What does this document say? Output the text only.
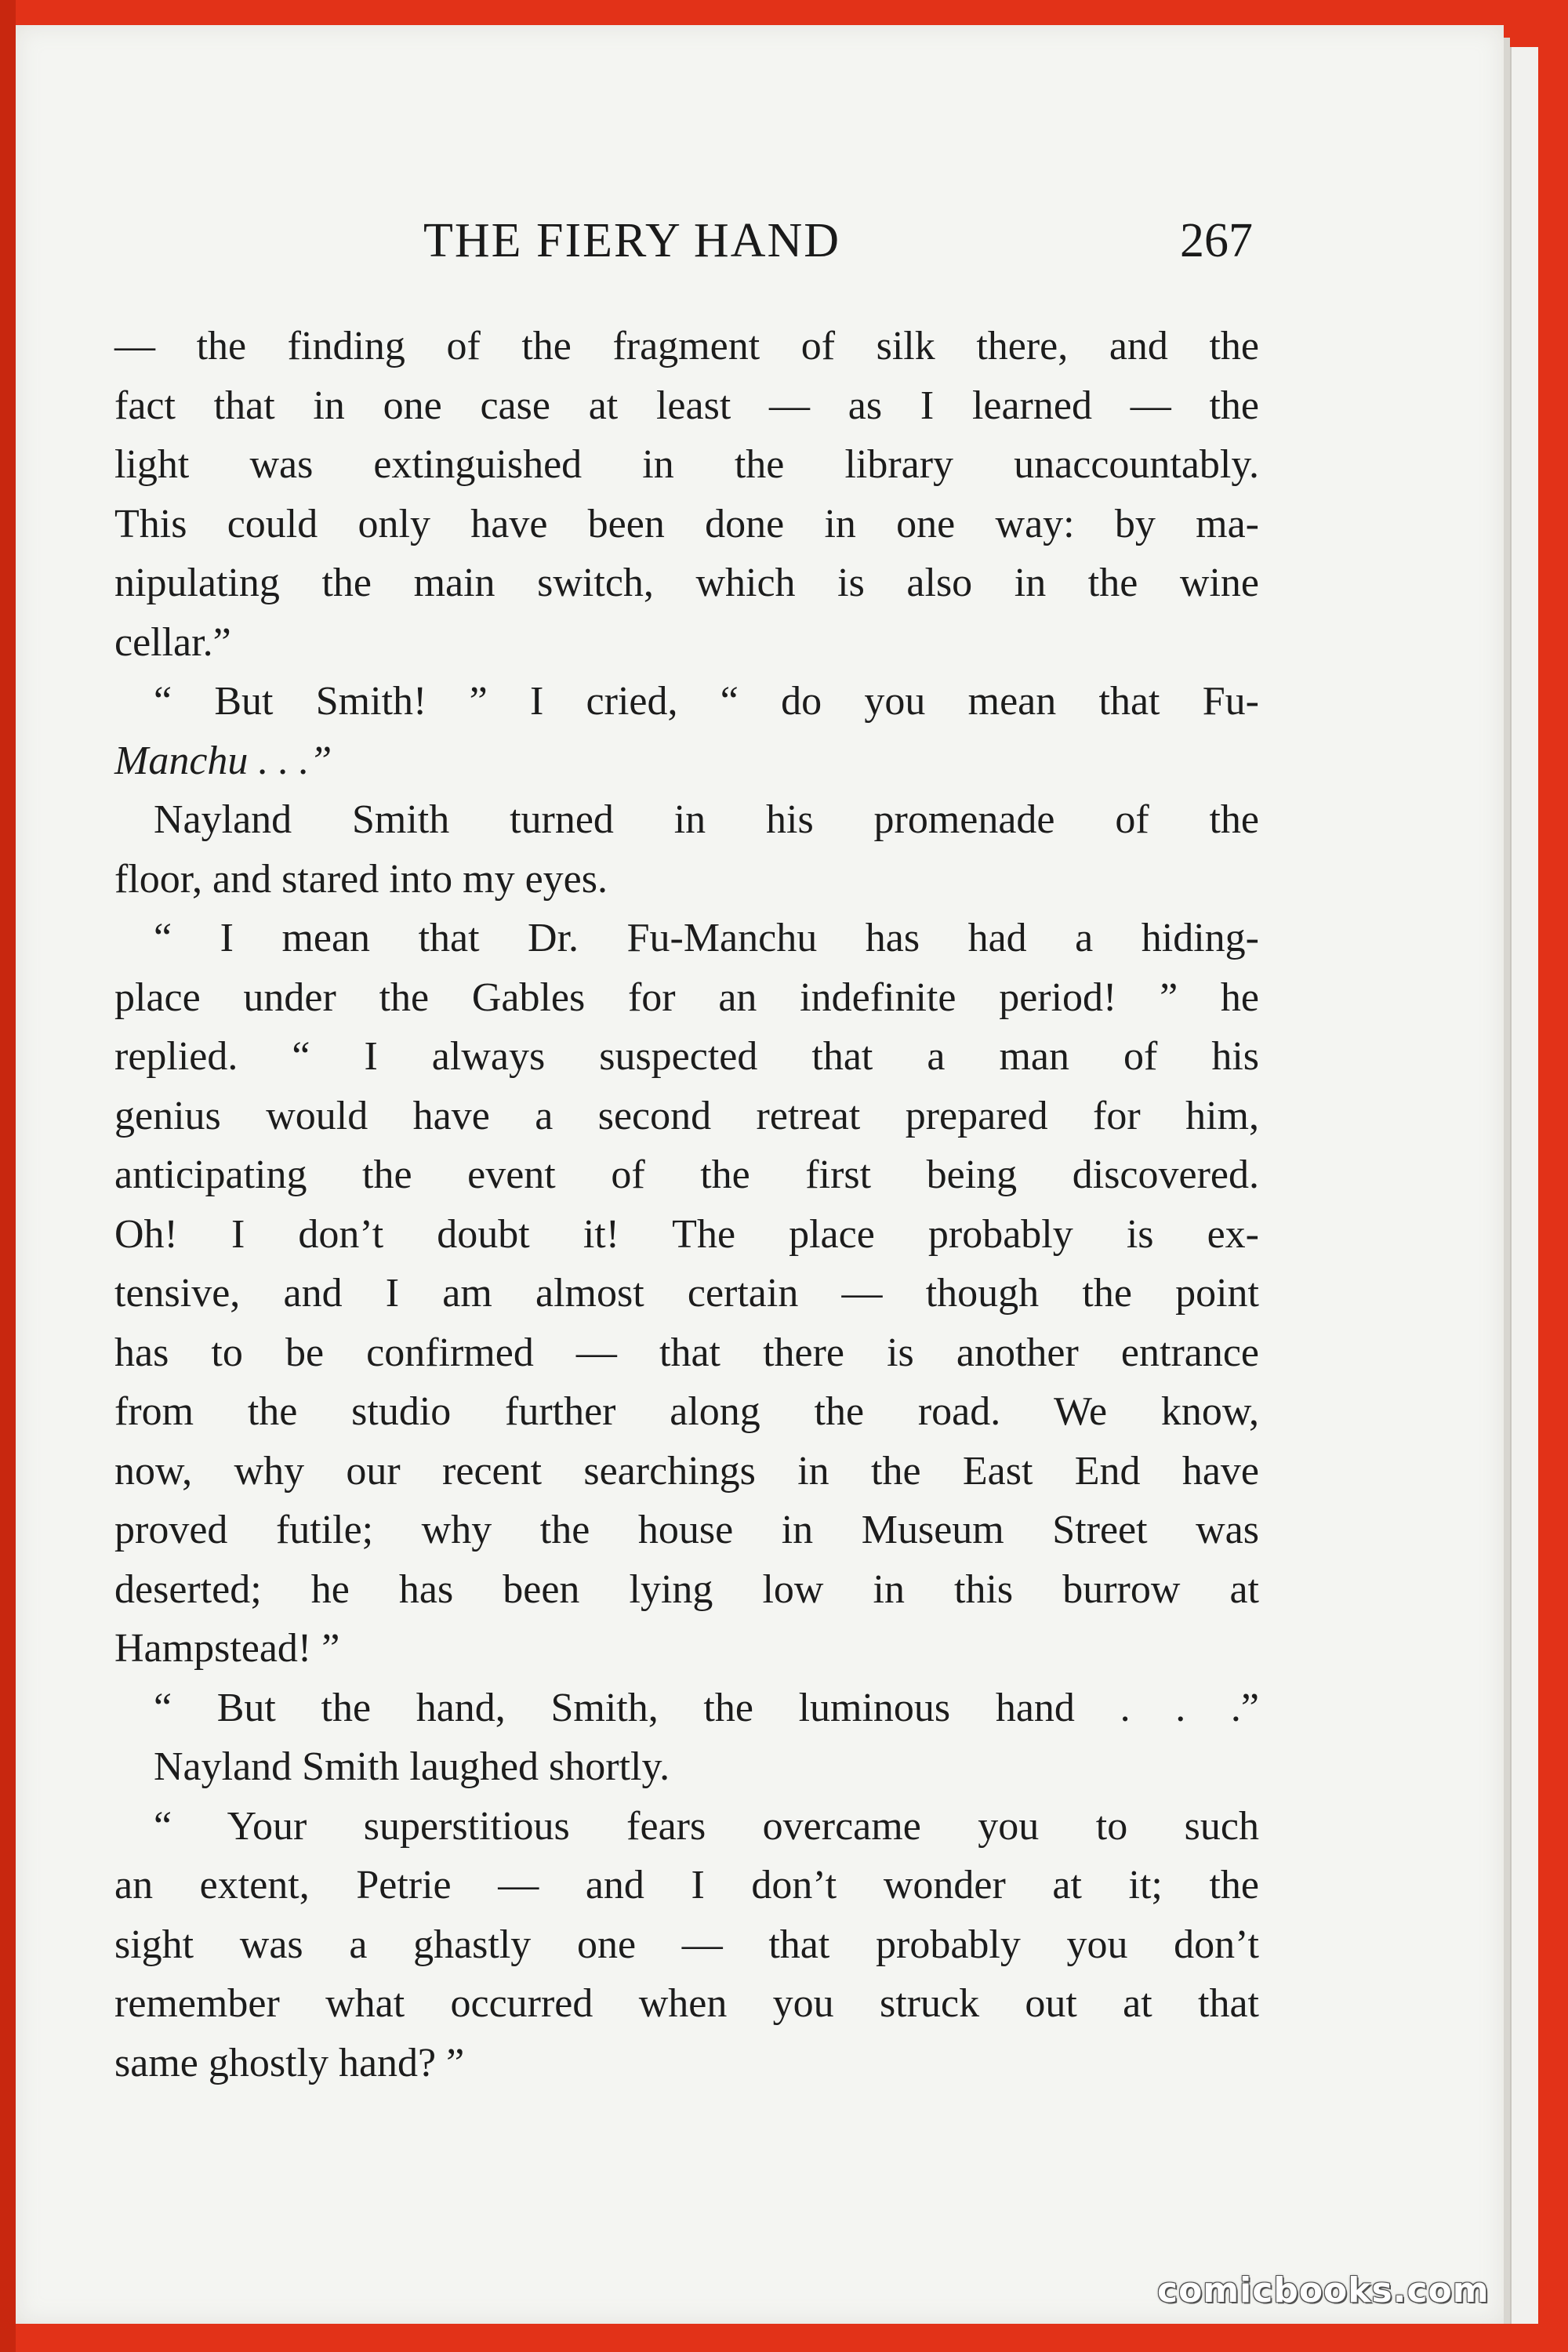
THE FIERY HAND	267
— the finding of the fragment of silk there, and the
fact that in one case at least — as I learned — the
light was extinguished in the library unaccountably.
This could only have been done in one way: by ma-
nipulating the main switch, which is also in the wine
cellar.”
“ But Smith! ” I cried, “ do you mean that Fu-
Manchu . . .”
Nayland Smith turned in his promenade of the
floor, and stared into my eyes.
“ I mean that Dr. Fu-Manchu has had a hiding-
place under the Gables for an indefinite period! ” he
replied. “ I always suspected that a man of his
genius would have a second retreat prepared for him,
anticipating the event of the first being discovered.
Oh! I don’t doubt it! The place probably is ex-
tensive, and I am almost certain — though the point
has to be confirmed — that there is another entrance
from the studio further along the road. We know,
now, why our recent searchings in the East End have
proved futile; why the house in Museum Street was
deserted; he has been lying low in this burrow at
Hampstead! ”
“ But the hand, Smith, the luminous hand . . .”
Nayland Smith laughed shortly.
“ Your superstitious fears overcame you to such
an extent, Petrie — and I don’t wonder at it; the
sight was a ghastly one — that probably you don’t
remember what occurred when you struck out at that
same ghostly hand? ”
comicbooks.com
